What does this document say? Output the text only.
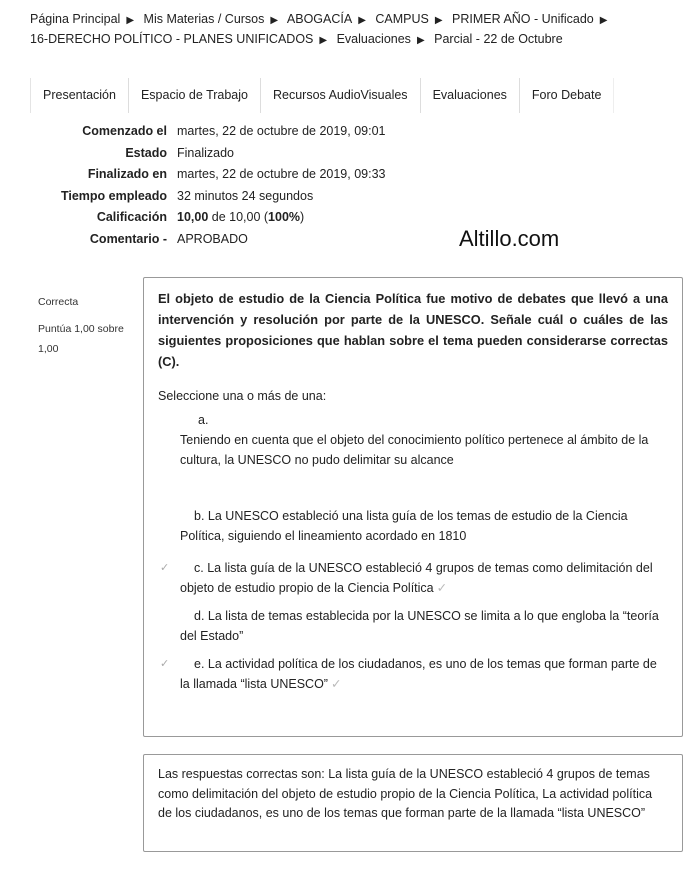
Página Principal ▶ Mis Materias / Cursos ▶ ABOGACÍA ▶ CAMPUS ▶ PRIMER AÑO - Unificado ▶
16-DERECHO POLÍTICO - PLANES UNIFICADOS ▶ Evaluaciones ▶ Parcial - 22 de Octubre
Presentación	Espacio de Trabajo	Recursos AudioVisuales	Evaluaciones	Foro Debate
Comenzado el martes, 22 de octubre de 2019, 09:01
Estado Finalizado
Finalizado en martes, 22 de octubre de 2019, 09:33
Tiempo empleado 32 minutos 24 segundos
Calificación 10,00 de 10,00 (100%)
Comentario - APROBADO	Altillo.com
Correcta
Puntúa 1,00 sobre
1,00
El objeto de estudio de la Ciencia Política fue motivo de debates que llevó a una intervención y resolución por parte de la UNESCO. Señale cuál o cuáles de las siguientes proposiciones que hablan sobre el tema pueden considerarse correctas (C).
Seleccione una o más de una:
a.

Teniendo en cuenta que el objeto del conocimiento político pertenece al ámbito de la cultura, la UNESCO no pudo delimitar su alcance
b. La UNESCO estableció una lista guía de los temas de estudio de la Ciencia Política, siguiendo el lineamiento acordado en 1810
✓ c. La lista guía de la UNESCO estableció 4 grupos de temas como delimitación del objeto de estudio propio de la Ciencia Política ✓
d. La lista de temas establecida por la UNESCO se limita a lo que engloba la “teoría del Estado”
✓ e. La actividad política de los ciudadanos, es uno de los temas que forman parte de la llamada “lista UNESCO” ✓
Las respuestas correctas son: La lista guía de la UNESCO estableció 4 grupos de temas como delimitación del objeto de estudio propio de la Ciencia Política, La actividad política de los ciudadanos, es uno de los temas que forman parte de la llamada “lista UNESCO”
